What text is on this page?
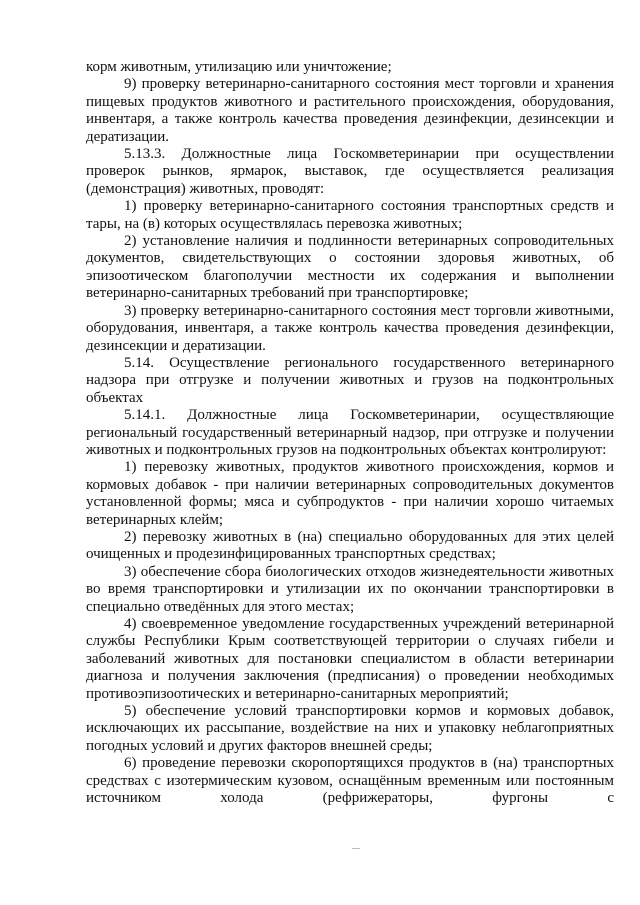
корм животным, утилизацию или уничтожение;

9) проверку ветеринарно-санитарного состояния мест торговли и хранения пищевых продуктов животного и растительного происхождения, оборудования, инвентаря, а также контроль качества проведения дезинфекции, дезинсекции и дератизации.

5.13.3. Должностные лица Госкомветеринарии при осуществлении проверок рынков, ярмарок, выставок, где осуществляется реализация (демонстрация) животных, проводят:

1) проверку ветеринарно-санитарного состояния транспортных средств и тары, на (в) которых осуществлялась перевозка животных;

2) установление наличия и подлинности ветеринарных сопроводительных документов, свидетельствующих о состоянии здоровья животных, об эпизоотическом благополучии местности их содержания и выполнении ветеринарно-санитарных требований при транспортировке;

3) проверку ветеринарно-санитарного состояния мест торговли животными, оборудования, инвентаря, а также контроль качества проведения дезинфекции, дезинсекции и дератизации.

5.14. Осуществление регионального государственного ветеринарного надзора при отгрузке и получении животных и грузов на подконтрольных объектах

5.14.1. Должностные лица Госкомветеринарии, осуществляющие региональный государственный ветеринарный надзор, при отгрузке и получении животных и подконтрольных грузов на подконтрольных объектах контролируют:

1) перевозку животных, продуктов животного происхождения, кормов и кормовых добавок - при наличии ветеринарных сопроводительных документов установленной формы; мяса и субпродуктов - при наличии хорошо читаемых ветеринарных клейм;

2) перевозку животных в (на) специально оборудованных для этих целей очищенных и продезинфицированных транспортных средствах;

3) обеспечение сбора биологических отходов жизнедеятельности животных во время транспортировки и утилизации их по окончании транспортировки в специально отведённых для этого местах;

4) своевременное уведомление государственных учреждений ветеринарной службы Республики Крым соответствующей территории о случаях гибели и заболеваний животных для постановки специалистом в области ветеринарии диагноза и получения заключения (предписания) о проведении необходимых противоэпизоотических и ветеринарно-санитарных мероприятий;

5) обеспечение условий транспортировки кормов и кормовых добавок, исключающих их рассыпание, воздействие на них и упаковку неблагоприятных погодных условий и других факторов внешней среды;

6) проведение перевозки скоропортящихся продуктов в (на) транспортных средствах с изотермическим кузовом, оснащённым временным или постоянным источником холода (рефрижераторы, фургоны с
